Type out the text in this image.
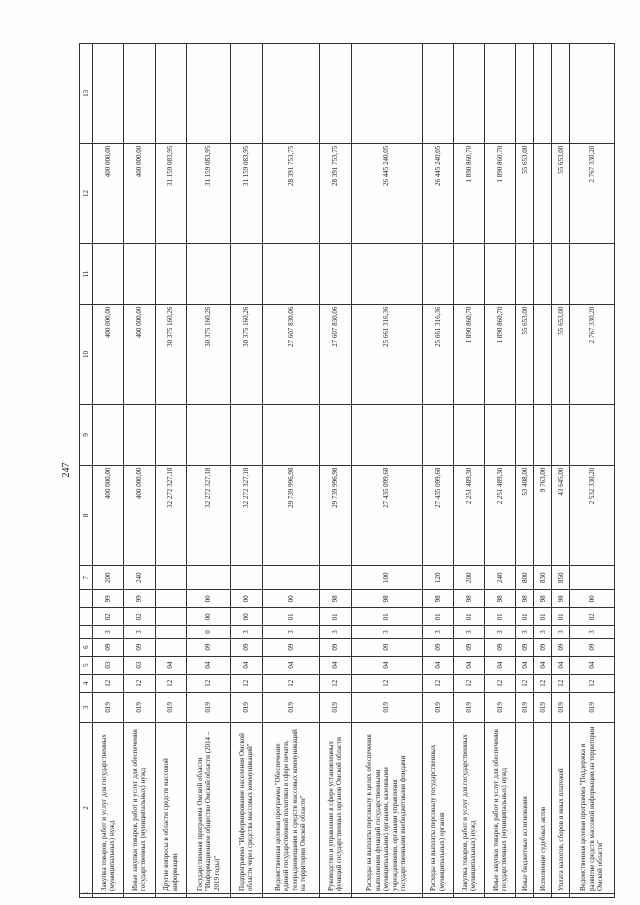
247
1	2	3	4	5	6				7	8	9	10	11	12	13
	Закупка товаров, работ и услуг для государственных (муниципальных) нужд	019	12	03	09	3	02	99	200	400 000,00		400 000,00		400 000,00	
	Иные закупки товаров, работ и услуг для обеспечения государственных (муниципальных) нужд	019	12	03	09	3	02	99	240	400 000,00		400 000,00		400 000,00	
	Другие вопросы в области средств массовой информации	019	12	04						32 272 327,18		30 375 160,26		31 159 083,95	
	Государственная программа Омской области "Информационное общество Омской области (2014 – 2019 годы)"	019	12	04	09	0	00	00		32 272 327,18		30 375 160,26		31 159 083,95	
	Подпрограмма "Информирование населения Омской области через средства массовых коммуникаций"	019	12	04	09	3	00	00		32 272 327,18		30 375 160,26		31 159 083,95	
	Ведомственная целевая программа "Обеспечение единой государственной политики в сфере печати, телерадиовещания и средств массовых коммуникаций на территории Омской области"	019	12	04	09	3	01	00		29 739 996,98		27 607 830,06		28 391 753,75	
	Руководство и управление в сфере установленных функций государственных органов Омской области	019	12	04	09	3	01	98		29 739 996,98		27 607 830,06		28 391 753,75	
	Расходы на выплаты персоналу в целях обеспечения выполнения функций государственными (муниципальными) органами, казенными учреждениями, органами управления государственными внебюджетными фондами	019	12	04	09	3	01	98	100	27 435 099,68		25 661 316,36		26 445 240,05	
	Расходы на выплаты персоналу государственных (муниципальных) органов	019	12	04	09	3	01	98	120	27 435 099,68		25 661 316,36		26 445 240,05	
	Закупка товаров, работ и услуг для государственных (муниципальных) нужд	019	12	04	09	3	01	98	200	2 251 489,30		1 890 860,70		1 890 860,70	
	Иные закупки товаров, работ и услуг для обеспечения государственных (муниципальных) нужд	019	12	04	09	3	01	98	240	2 251 489,30		1 890 860,70		1 890 860,70	
	Иные бюджетные ассигнования	019	12	04	09	3	01	98	800	53 408,00		55 653,00		55 653,00	
	Исполнение судебных актов	019	12	04	09	3	01	98	830	9 763,00					
	Уплата налогов, сборов и иных платежей	019	12	04	09	3	01	98	850	43 645,00		55 653,00		55 653,00	
	Ведомственная целевая программа "Поддержка и развитие средств массовой информации на территории Омской области"	019	12	04	09	3	02	00		2 532 330,20		2 767 330,20		2 767 330,20	
